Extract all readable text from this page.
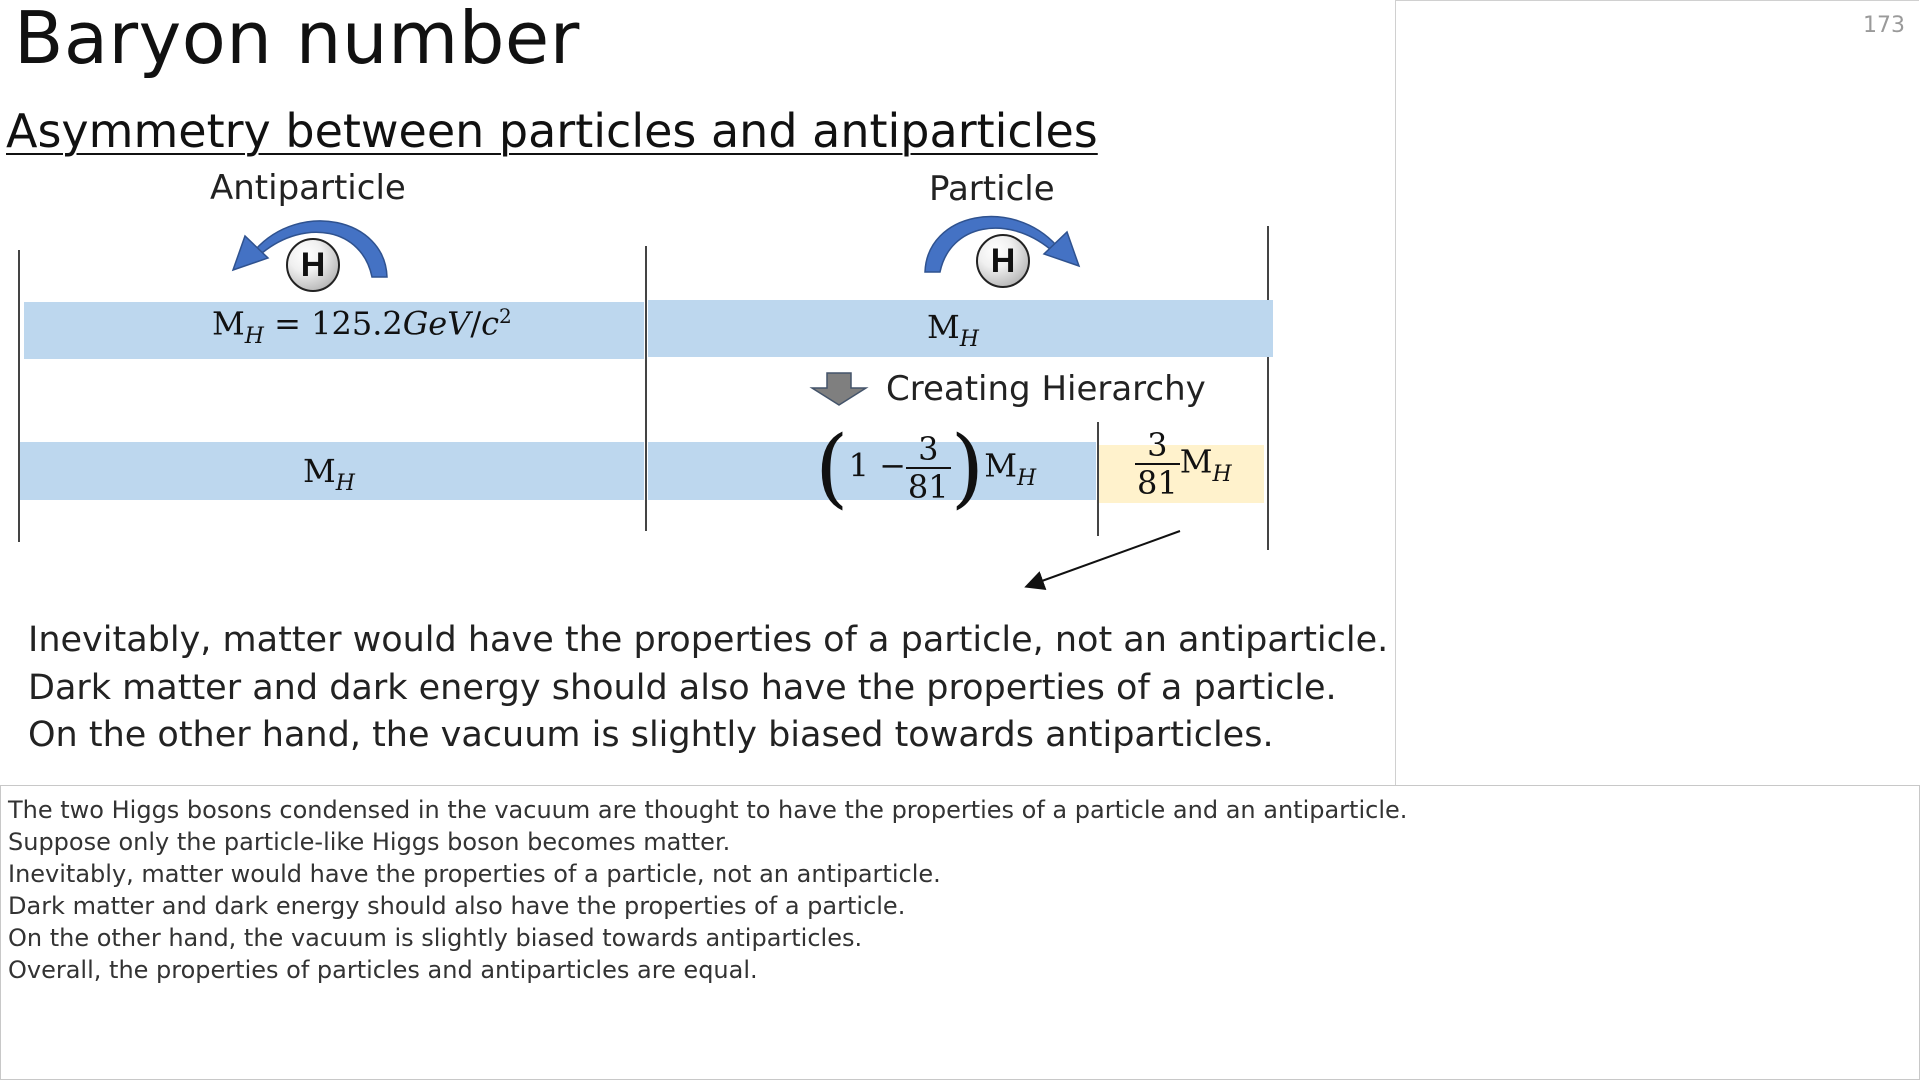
Baryon number
Asymmetry between particles and antiparticles
Antiparticle	Particle
$M_H = 125.2GeV/c^2$	$M_H$
$M_H$	$(1 - \frac{3}{81} )M_H$	$\frac{3}{81} M_H$
Creating Hierarchy
H	H
Inevitably, matter would have the properties of a particle, not an antiparticle.
Dark matter and dark energy should also have the properties of a particle.
On the other hand, the vacuum is slightly biased towards antiparticles.
173
The two Higgs bosons condensed in the vacuum are thought to have the properties of a particle and an antiparticle.
Suppose only the particle-like Higgs boson becomes matter.
Inevitably, matter would have the properties of a particle, not an antiparticle.
Dark matter and dark energy should also have the properties of a particle.
On the other hand, the vacuum is slightly biased towards antiparticles.
Overall, the properties of particles and antiparticles are equal.
